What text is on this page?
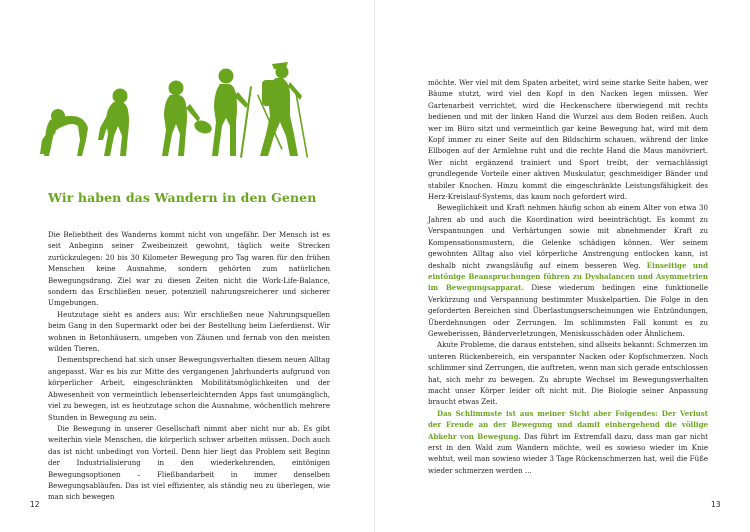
Wir haben das Wandern in den Genen

Die Beliebtheit des Wanderns kommt nicht von ungefähr. Der Mensch ist es seit Anbeginn seiner Zweibeinzeit gewohnt, täglich weite Strecken zurückzulegen: 20 bis 30 Kilometer Bewegung pro Tag waren für den frühen Menschen keine Ausnahme, sondern gehörten zum natürlichen Bewegungsdrang. Ziel war zu diesen Zeiten nicht die Work-Life-Balance, sondern das Erschließen neuer, potenziell nahrungsreicherer und sicherer Umgebungen.

Heutzutage sieht es anders aus: Wir erschließen neue Nahrungsquellen beim Gang in den Supermarkt oder bei der Bestellung beim Lieferdienst. Wir wohnen in Betonhäusern, umgeben von Zäunen und fernab von den meisten wilden Tieren.

Dementsprechend hat sich unser Bewegungsverhalten diesem neuen Alltag angepasst. War es bis zur Mitte des vergangenen Jahrhunderts aufgrund von körperlicher Arbeit, eingeschränkten Mobilitätsmöglichkeiten und der Abwesenheit von vermeintlich lebenserleichternden Apps fast unumgänglich, viel zu bewegen, ist es heutzutage schon die Ausnahme, wöchentlich mehrere Stunden in Bewegung zu sein.

Die Bewegung in unserer Gesellschaft nimmt aber nicht nur ab. Es gibt weiterhin viele Menschen, die körperlich schwer arbeiten müssen. Doch auch das ist nicht unbedingt von Vorteil. Denn hier liegt das Problem seit Beginn der Industrialisierung in den wiederkehrenden, eintönigen Bewegungsoptionen – Fließbandarbeit in immer denselben Bewegungsabläufen. Das ist viel effizienter, als ständig neu zu überlegen, wie man sich bewegen

12

möchte. Wer viel mit dem Spaten arbeitet, wird seine starke Seite haben, wer Bäume stutzt, wird viel den Kopf in den Nacken legen müssen. Wer Gartenarbeit verrichtet, wird die Heckenschere überwiegend mit rechts bedienen und mit der linken Hand die Wurzel aus dem Boden reißen. Auch wer im Büro sitzt und vermeintlich gar keine Bewegung hat, wird mit dem Kopf immer zu einer Seite auf den Bildschirm schauen, während der linke Ellbogen auf der Armlehne ruht und die rechte Hand die Maus manövriert. Wer nicht ergänzend trainiert und Sport treibt, der vernachlässigt grundlegende Vorteile einer aktiven Muskulatur, geschmeidiger Bänder und stabiler Knochen. Hinzu kommt die eingeschränkte Leistungsfähigkeit des Herz-Kreislauf-Systems, das kaum noch gefordert wird.

Beweglichkeit und Kraft nehmen häufig schon ab einem Alter von etwa 30 Jahren ab und auch die Koordination wird beeinträchtigt. Es kommt zu Verspannungen und Verhärtungen sowie mit abnehmender Kraft zu Kompensationsmustern, die Gelenke schädigen können. Wer seinem gewohnten Alltag also viel körperliche Anstrengung entlocken kann, ist deshalb nicht zwangsläufig auf einem besseren Weg. Einseitige und eintönige Beanspruchungen führen zu Dysbalancen und Asymmetrien im Bewegungsapparat. Diese wiederum bedingen eine funktionelle Verkürzung und Verspannung bestimmter Muskelpartien. Die Folge in den geforderten Bereichen sind Überlastungserscheinungen wie Entzündungen, Überdehnungen oder Zerrungen. Im schlimmsten Fall kommt es zu Geweberissen, Bänderverletzungen, Meniskusschäden oder Ähnlichem.

Akute Probleme, die daraus entstehen, sind allseits bekannt: Schmerzen im unteren Rückenbereich, ein verspannter Nacken oder Kopfschmerzen. Noch schlimmer sind Zerrungen, die auftreten, wenn man sich gerade entschlossen hat, sich mehr zu bewegen. Zu abrupte Wechsel im Bewegungsverhalten macht unser Körper leider oft nicht mit. Die Biologie seiner Anpassung braucht etwas Zeit.

Das Schlimmste ist aus meiner Sicht aber Folgendes: Der Verlust der Freude an der Bewegung und damit einhergehend die völlige Abkehr von Bewegung. Das führt im Extremfall dazu, dass man gar nicht erst in den Wald zum Wandern möchte, weil es sowieso wieder im Knie wehtut, weil man sowieso wieder 3 Tage Rückenschmerzen hat, weil die Füße wieder schmerzen werden …

13
